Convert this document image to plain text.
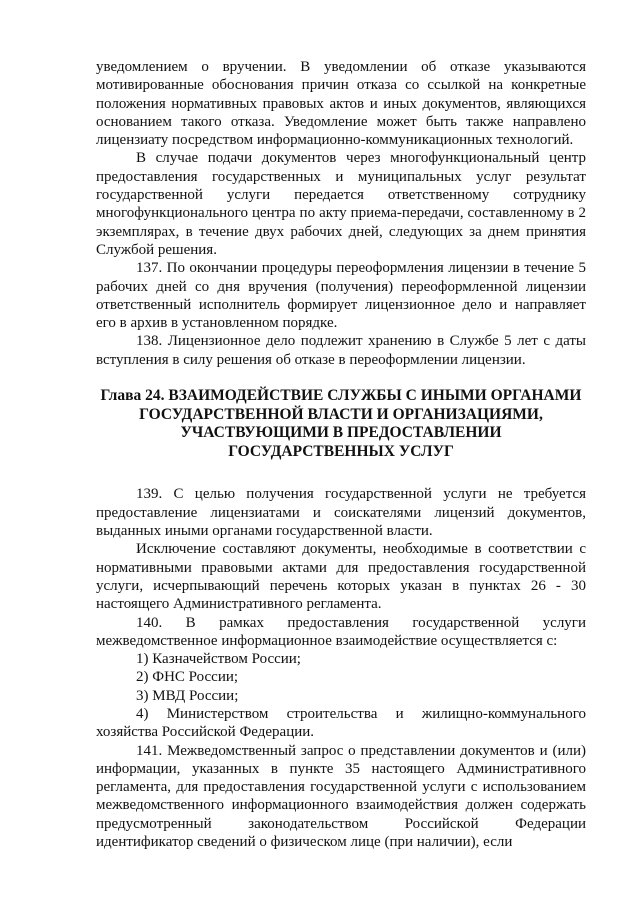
уведомлением о вручении. В уведомлении об отказе указываются мотивированные обоснования причин отказа со ссылкой на конкретные положения нормативных правовых актов и иных документов, являющихся основанием такого отказа. Уведомление может быть также направлено лицензиату посредством информационно-коммуникационных технологий.

В случае подачи документов через многофункциональный центр предоставления государственных и муниципальных услуг результат государственной услуги передается ответственному сотруднику многофункционального центра по акту приема-передачи, составленному в 2 экземплярах, в течение двух рабочих дней, следующих за днем принятия Службой решения.

137. По окончании процедуры переоформления лицензии в течение 5 рабочих дней со дня вручения (получения) переоформленной лицензии ответственный исполнитель формирует лицензионное дело и направляет его в архив в установленном порядке.

138. Лицензионное дело подлежит хранению в Службе 5 лет с даты вступления в силу решения об отказе в переоформлении лицензии.

Глава 24. ВЗАИМОДЕЙСТВИЕ СЛУЖБЫ С ИНЫМИ ОРГАНАМИ ГОСУДАРСТВЕННОЙ ВЛАСТИ И ОРГАНИЗАЦИЯМИ, УЧАСТВУЮЩИМИ В ПРЕДОСТАВЛЕНИИ ГОСУДАРСТВЕННЫХ УСЛУГ

139. С целью получения государственной услуги не требуется предоставление лицензиатами и соискателями лицензий документов, выданных иными органами государственной власти.

Исключение составляют документы, необходимые в соответствии с нормативными правовыми актами для предоставления государственной услуги, исчерпывающий перечень которых указан в пунктах 26 - 30 настоящего Административного регламента.

140. В рамках предоставления государственной услуги межведомственное информационное взаимодействие осуществляется с:

1) Казначейством России;

2) ФНС России;

3) МВД России;

4) Министерством строительства и жилищно-коммунального хозяйства Российской Федерации.

141. Межведомственный запрос о представлении документов и (или) информации, указанных в пункте 35 настоящего Административного регламента, для предоставления государственной услуги с использованием межведомственного информационного взаимодействия должен содержать предусмотренный законодательством Российской Федерации идентификатор сведений о физическом лице (при наличии), если
